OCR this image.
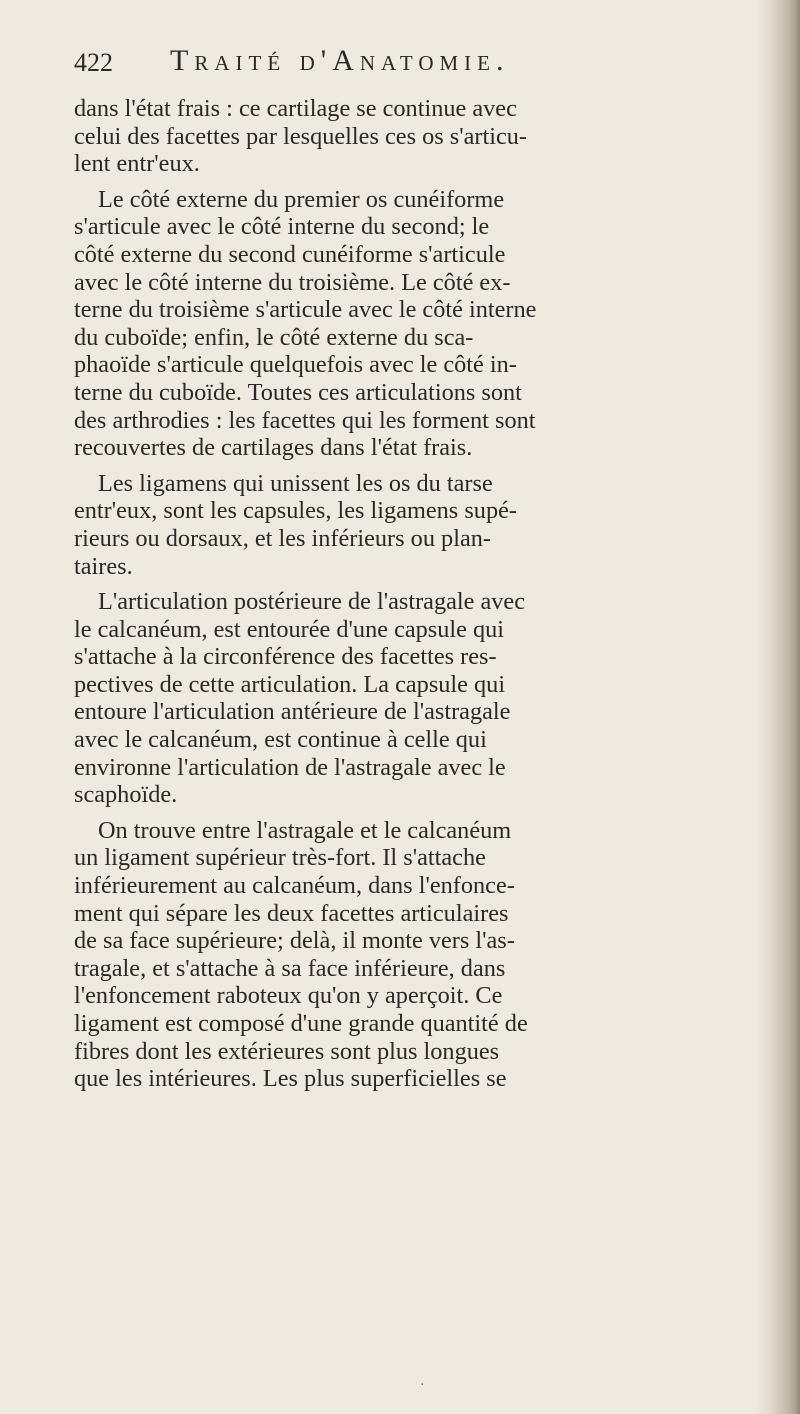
422 Traité d'Anatomie.
dans l'état frais : ce cartilage se continue avec
celui des facettes par lesquelles ces os s'articu-
lent entr'eux.
Le côté externe du premier os cunéiforme
s'articule avec le côté interne du second; le
côté externe du second cunéiforme s'articule
avec le côté interne du troisième. Le côté ex-
terne du troisième s'articule avec le côté interne
du cuboïde; enfin, le côté externe du sca-
phaoïde s'articule quelquefois avec le côté in-
terne du cuboïde. Toutes ces articulations sont
des arthrodies : les facettes qui les forment sont
recouvertes de cartilages dans l'état frais.
Les ligamens qui unissent les os du tarse
entr'eux, sont les capsules, les ligamens supé-
rieurs ou dorsaux, et les inférieurs ou plan-
taires.
L'articulation postérieure de l'astragale avec
le calcanéum, est entourée d'une capsule qui
s'attache à la circonférence des facettes res-
pectives de cette articulation. La capsule qui
entoure l'articulation antérieure de l'astragale
avec le calcanéum, est continue à celle qui
environne l'articulation de l'astragale avec le
scaphoïde.
On trouve entre l'astragale et le calcanéum
un ligament supérieur très-fort. Il s'attache
inférieurement au calcanéum, dans l'enfonce-
ment qui sépare les deux facettes articulaires
de sa face supérieure; delà, il monte vers l'as-
tragale, et s'attache à sa face inférieure, dans
l'enfoncement raboteux qu'on y aperçoit. Ce
ligament est composé d'une grande quantité de
fibres dont les extérieures sont plus longues
que les intérieures. Les plus superficielles se
·
